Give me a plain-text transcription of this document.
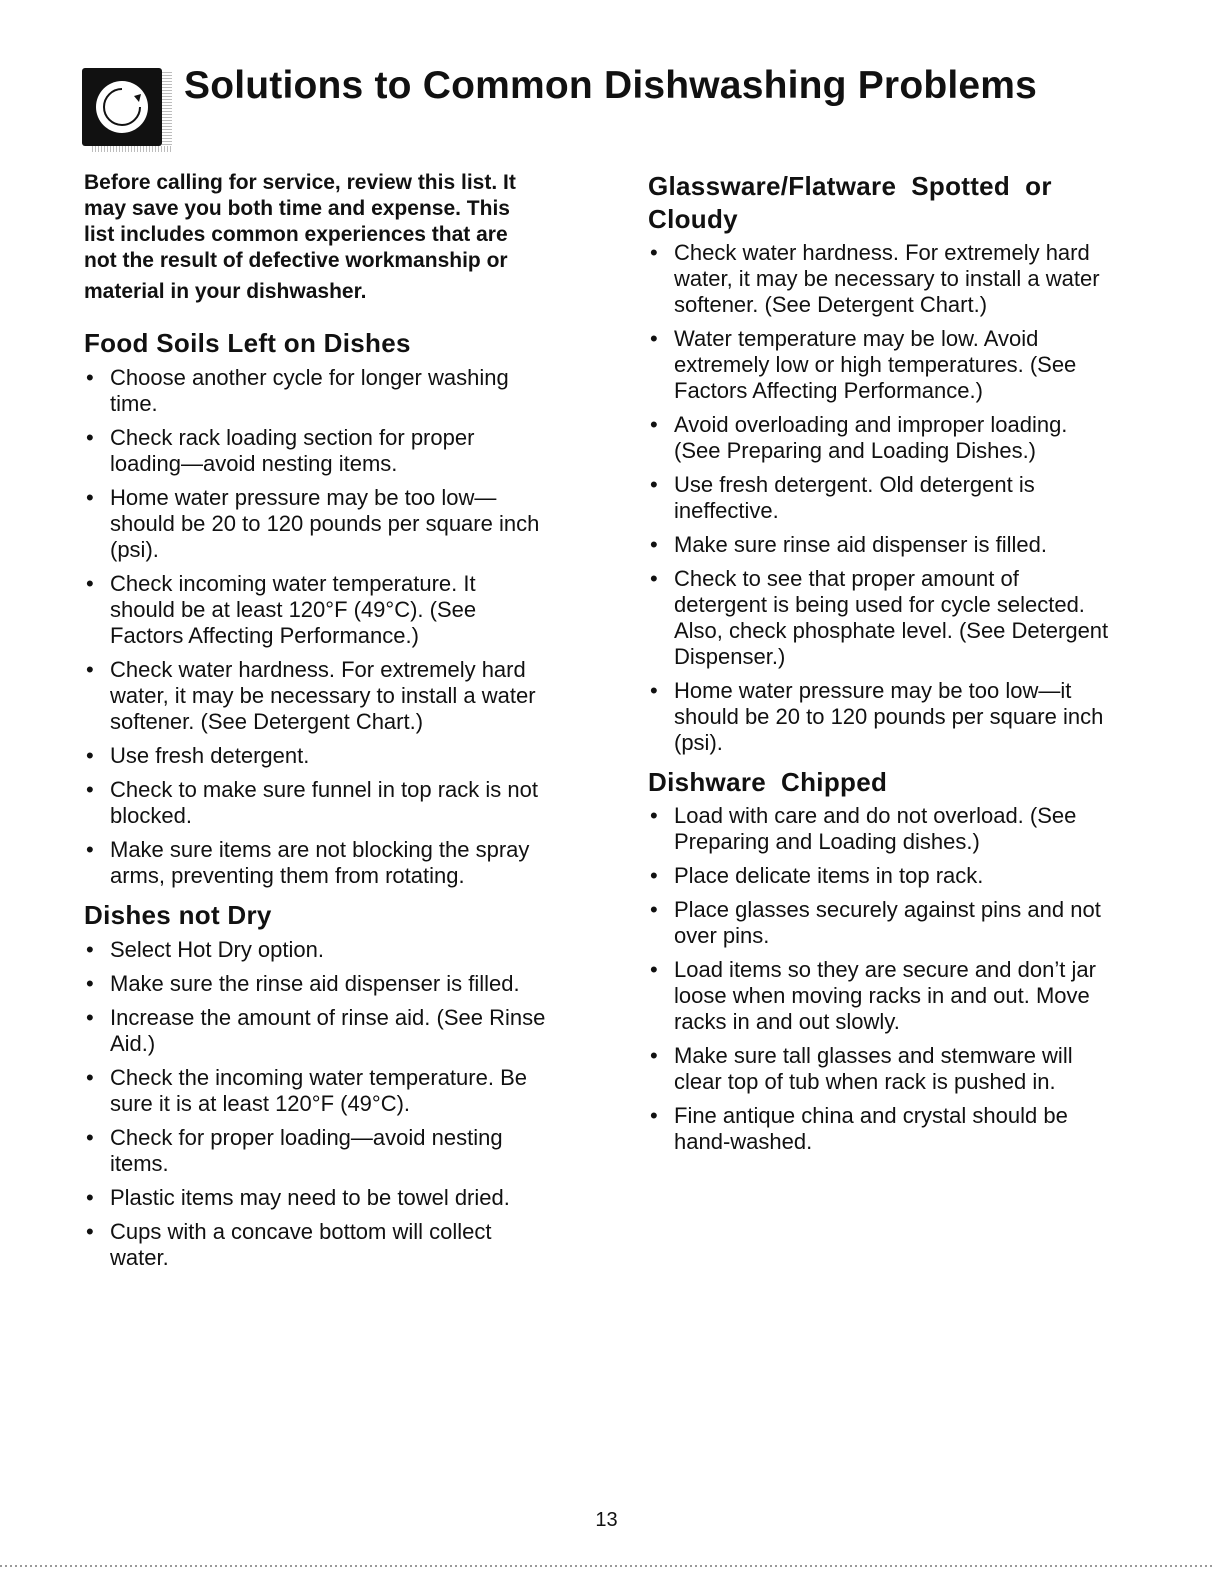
Solutions to Common Dishwashing Problems

Before calling for service, review this list. It
may save you both time and expense. This
list includes common experiences that are
not the result of defective workmanship or
material in your dishwasher.

Food Soils Left on Dishes
• Choose another cycle for longer washing
time.
• Check rack loading section for proper
loading—avoid nesting items.
• Home water pressure may be too low—
should be 20 to 120 pounds per square inch
(psi).
• Check incoming water temperature. It
should be at least 120°F (49°C). (See
Factors Affecting Performance.)
• Check water hardness. For extremely hard
water, it may be necessary to install a water
softener. (See Detergent Chart.)
• Use fresh detergent.
• Check to make sure funnel in top rack is not
blocked.
• Make sure items are not blocking the spray
arms, preventing them from rotating.
Dishes not Dry
• Select Hot Dry option.
• Make sure the rinse aid dispenser is filled.
• Increase the amount of rinse aid. (See Rinse
Aid.)
• Check the incoming water temperature. Be
sure it is at least 120°F (49°C).
• Check for proper loading—avoid nesting
items.
• Plastic items may need to be towel dried.
• Cups with a concave bottom will collect
water.
Glassware/Flatware  Spotted  or
Cloudy
• Check water hardness. For extremely hard
water, it may be necessary to install a water
softener. (See Detergent Chart.)
• Water temperature may be low. Avoid
extremely low or high temperatures. (See
Factors Affecting Performance.)
• Avoid overloading and improper loading.
(See Preparing and Loading Dishes.)
• Use fresh detergent. Old detergent is
ineffective.
• Make sure rinse aid dispenser is filled.
• Check to see that proper amount of
detergent is being used for cycle selected.
Also, check phosphate level. (See Detergent
Dispenser.)
• Home water pressure may be too low—it
should be 20 to 120 pounds per square inch
(psi).
Dishware  Chipped
• Load with care and do not overload. (See
Preparing and Loading dishes.)
• Place delicate items in top rack.
• Place glasses securely against pins and not
over pins.
• Load items so they are secure and don’t jar
loose when moving racks in and out. Move
racks in and out slowly.
• Make sure tall glasses and stemware will
clear top of tub when rack is pushed in.
• Fine antique china and crystal should be
hand-washed.
13
